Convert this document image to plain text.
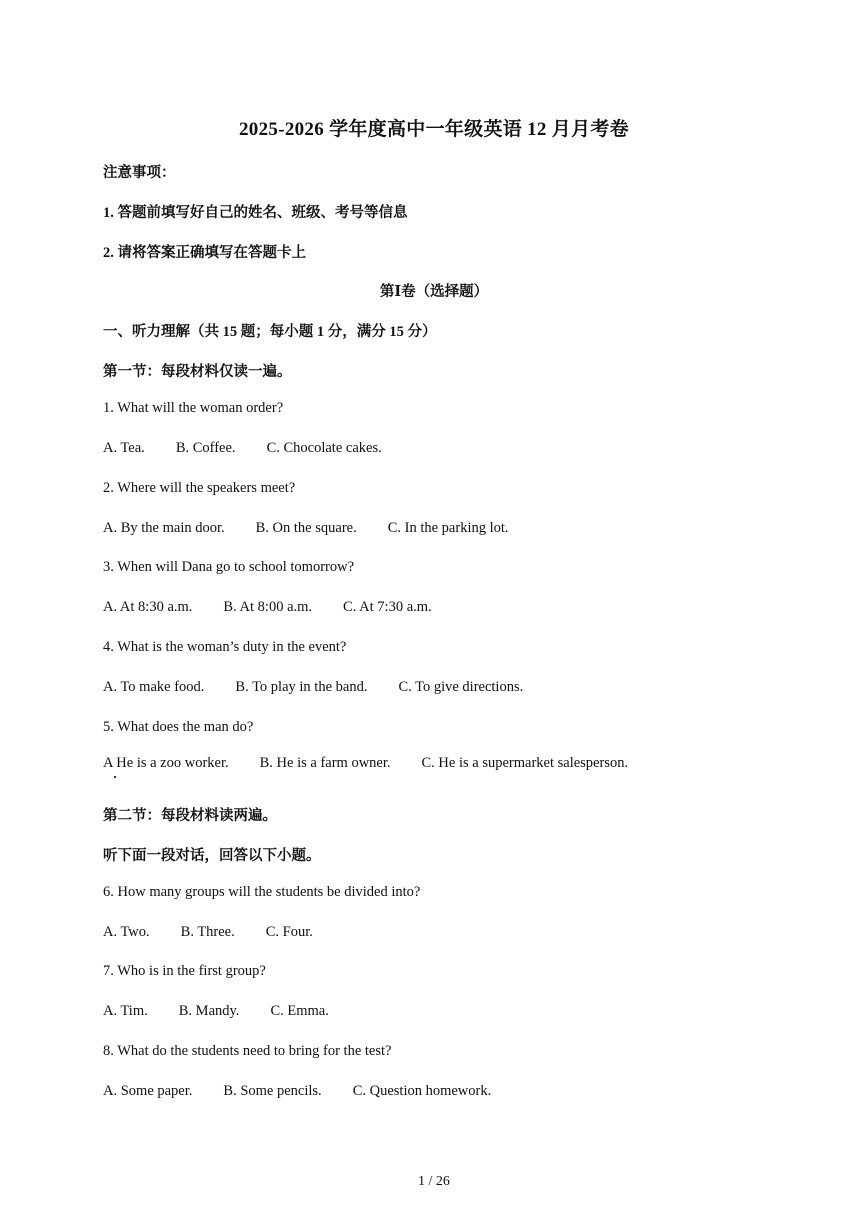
2025-2026 学年度高中一年级英语 12 月月考卷
注意事项：
1. 答题前填写好自己的姓名、班级、考号等信息
2. 请将答案正确填写在答题卡上
第Ⅰ卷（选择题）
一、听力理解（共 15 题；每小题 1 分，满分 15 分）
第一节：每段材料仅读一遍。
1. What will the woman order?
A. Tea. B. Coffee. C. Chocolate cakes.
2. Where will the speakers meet?
A. By the main door. B. On the square. C. In the parking lot.
3. When will Dana go to school tomorrow?
A. At 8:30 a.m. B. At 8:00 a.m. C. At 7:30 a.m.
4. What is the woman’s duty in the event?
A. To make food. B. To play in the band. C. To give directions.
5. What does the man do?
A He is a zoo worker. B. He is a farm owner. C. He is a supermarket salesperson.
第二节：每段材料读两遍。
听下面一段对话，回答以下小题。
6. How many groups will the students be divided into?
A. Two. B. Three. C. Four.
7. Who is in the first group?
A. Tim. B. Mandy. C. Emma.
8. What do the students need to bring for the test?
A. Some paper. B. Some pencils. C. Question homework.
1 / 26
